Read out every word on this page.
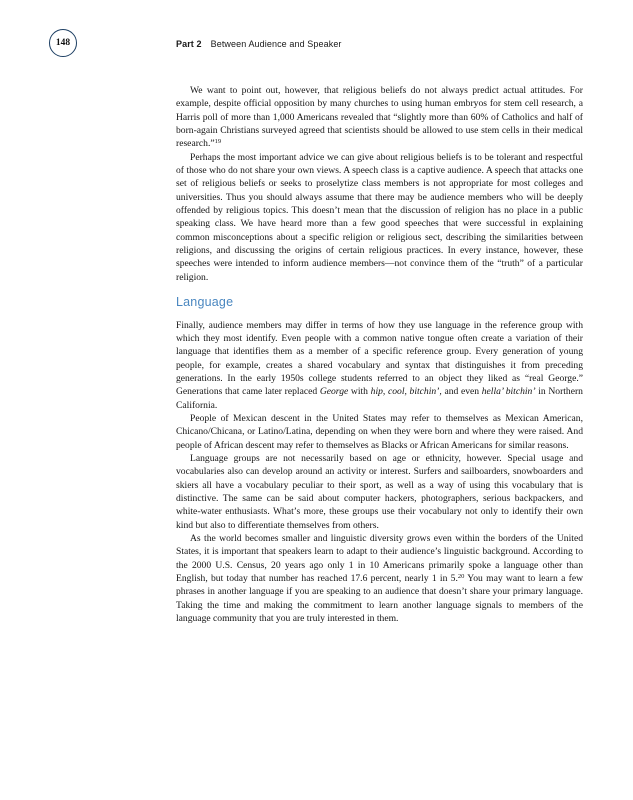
148	Part 2 Between Audience and Speaker

We want to point out, however, that religious beliefs do not always predict actual attitudes. For example, despite official opposition by many churches to using human embryos for stem cell research, a Harris poll of more than 1,000 Americans revealed that “slightly more than 60% of Catholics and half of born-again Christians surveyed agreed that scientists should be allowed to use stem cells in their medical research.”$^{19}$

Perhaps the most important advice we can give about religious beliefs is to be tolerant and respectful of those who do not share your own views. A speech class is a captive audience. A speech that attacks one set of religious beliefs or seeks to proselytize class members is not appropriate for most colleges and universities. Thus you should always assume that there may be audience members who will be deeply offended by religious topics. This doesn’t mean that the discussion of religion has no place in a public speaking class. We have heard more than a few good speeches that were successful in explaining common misconceptions about a specific religion or religious sect, describing the similarities between religions, and discussing the origins of certain religious practices. In every instance, however, these speeches were intended to inform audience members—not convince them of the “truth” of a particular religion.

Language

Finally, audience members may differ in terms of how they use language in the reference group with which they most identify. Even people with a common native tongue often create a variation of their language that identifies them as a member of a specific reference group. Every generation of young people, for example, creates a shared vocabulary and syntax that distinguishes it from preceding generations. In the early 1950s college students referred to an object they liked as “real George.” Generations that came later replaced George with hip, cool, bitchin’, and even hella’ bitchin’ in Northern California.

People of Mexican descent in the United States may refer to themselves as Mexican American, Chicano/Chicana, or Latino/Latina, depending on when they were born and where they were raised. And people of African descent may refer to themselves as Blacks or African Americans for similar reasons.

Language groups are not necessarily based on age or ethnicity, however. Special usage and vocabularies also can develop around an activity or interest. Surfers and sailboarders, snowboarders and skiers all have a vocabulary peculiar to their sport, as well as a way of using this vocabulary that is distinctive. The same can be said about computer hackers, photographers, serious backpackers, and white-water enthusiasts. What’s more, these groups use their vocabulary not only to identify their own kind but also to differentiate themselves from others.

As the world becomes smaller and linguistic diversity grows even within the borders of the United States, it is important that speakers learn to adapt to their audience’s linguistic background. According to the 2000 U.S. Census, 20 years ago only 1 in 10 Americans primarily spoke a language other than English, but today that number has reached 17.6 percent, nearly 1 in 5.20 You may want to learn a few phrases in another language if you are speaking to an audience that doesn’t share your primary language. Taking the time and making the commitment to learn another language signals to members of the language community that you are truly interested in them.
